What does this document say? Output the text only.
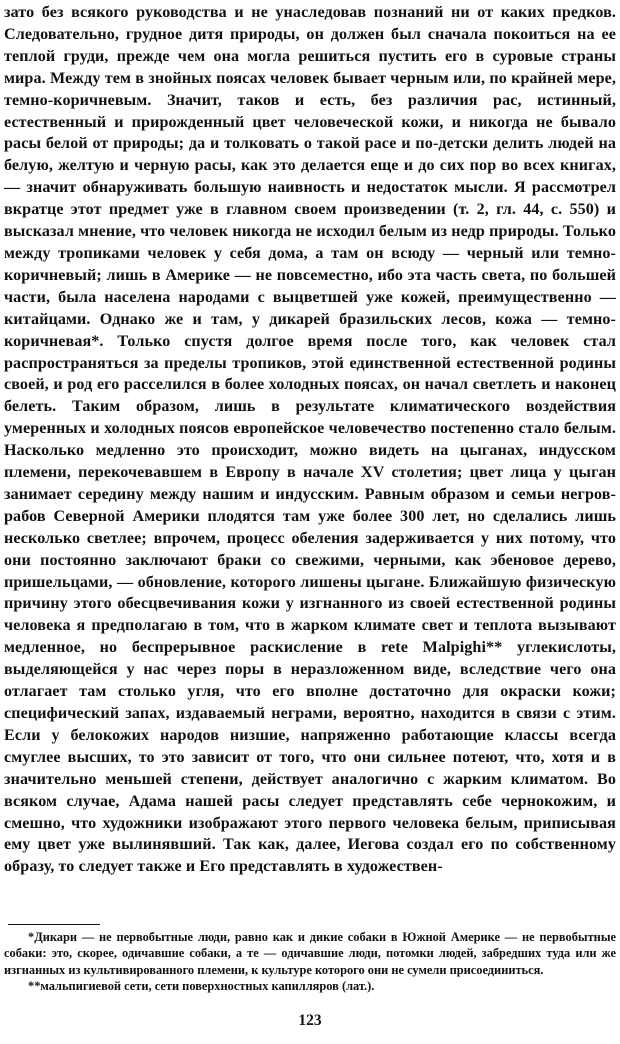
зато без всякого руководства и не унаследовав познаний ни от каких предков. Следовательно, грудное дитя природы, он должен был сначала покоиться на ее теплой груди, прежде чем она могла решиться пустить его в суровые страны мира. Между тем в знойных поясах человек бывает черным или, по крайней мере, темно-коричневым. Значит, таков и есть, без различия рас, истинный, естественный и прирожденный цвет человеческой кожи, и никогда не бывало расы белой от природы; да и толковать о такой расе и по-детски делить людей на белую, желтую и черную расы, как это делается еще и до сих пор во всех книгах, — значит обнаруживать большую наивность и недостаток мысли. Я рассмотрел вкратце этот предмет уже в главном своем произведении (т. 2, гл. 44, с. 550) и высказал мнение, что человек никогда не исходил белым из недр природы. Только между тропиками человек у себя дома, а там он всюду — черный или темно-коричневый; лишь в Америке — не повсеместно, ибо эта часть света, по большей части, была населена народами с выцветшей уже кожей, преимущественно — китайцами. Однако же и там, у дикарей бразильских лесов, кожа — темно-коричневая*. Только спустя долгое время после того, как человек стал распространяться за пределы тропиков, этой единственной естественной родины своей, и род его расселился в более холодных поясах, он начал светлеть и наконец белеть. Таким образом, лишь в результате климатического воздействия умеренных и холодных поясов европейское человечество постепенно стало белым. Насколько медленно это происходит, можно видеть на цыганах, индусском племени, перекочевавшем в Европу в начале XV столетия; цвет лица у цыган занимает середину между нашим и индусским. Равным образом и семьи негров-рабов Северной Америки плодятся там уже более 300 лет, но сделались лишь несколько светлее; впрочем, процесс обеления задерживается у них потому, что они постоянно заключают браки со свежими, черными, как эбеновое дерево, пришельцами, — обновление, которого лишены цыгане. Ближайшую физическую причину этого обесцвечивания кожи у изгнанного из своей естественной родины человека я предполагаю в том, что в жарком климате свет и теплота вызывают медленное, но беспрерывное раскисление в rete Malpighi** углекислоты, выделяющейся у нас через поры в неразложенном виде, вследствие чего она отлагает там столько угля, что его вполне достаточно для окраски кожи; специфический запах, издаваемый неграми, вероятно, находится в связи с этим. Если у белокожих народов низшие, напряженно работающие классы всегда смуглее высших, то это зависит от того, что они сильнее потеют, что, хотя и в значительно меньшей степени, действует аналогично с жарким климатом. Во всяком случае, Адама нашей расы следует представлять себе чернокожим, и смешно, что художники изображают этого первого человека белым, приписывая ему цвет уже вылинявший. Так как, далее, Иегова создал его по собственному образу, то следует также и Его представлять в художествен-

*Дикари — не первобытные люди, равно как и дикие собаки в Южной Америке — не первобытные собаки: это, скорее, одичавшие собаки, а те — одичавшие люди, потомки людей, забредших туда или же изгнанных из культивированного племени, к культуре которого они не сумели присоединиться.

**мальпигиевой сети, сети поверхностных капилляров (лат.).

123
